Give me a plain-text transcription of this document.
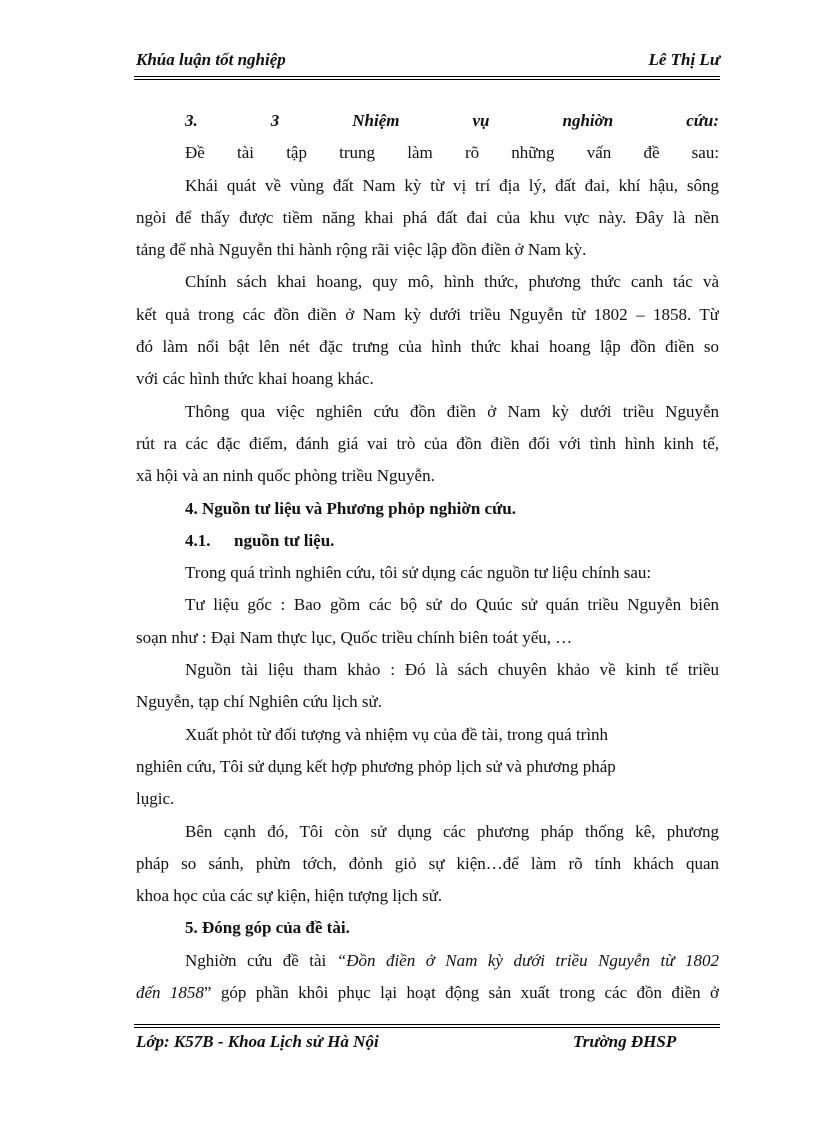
Khúa luận tốt nghiệp	Lê Thị Lư
3.	3	Nhiệm	vụ	nghiờn	cứu:
Đề tài tập trung làm rõ những vấn đề sau:
Khái quát về vùng đất Nam kỳ từ vị trí địa lý, đất đai, khí hậu, sông
ngòi để thấy được tiềm năng khai phá đất đai của khu vực này. Đây là nền
tảng để nhà Nguyễn thi hành rộng rãi việc lập đồn điền ở Nam kỳ.
Chính sách khai hoang, quy mô, hình thức, phương thức canh tác và
kết quả trong các đồn điền ở Nam kỳ dưới triều Nguyễn từ 1802 – 1858. Từ
đó làm nổi bật lên nét đặc trưng của hình thức khai hoang lập đồn điền so
với các hình thức khai hoang khác.
Thông qua việc nghiên cứu đồn điền ở Nam kỳ dưới triều Nguyễn
rút ra các đặc điểm, đánh giá vai trò của đồn điền đối với tình hình kinh tế,
xã hội và an ninh quốc phòng triều Nguyễn.
4. Nguồn tư liệu và Phương phỏp nghiờn cứu.
4.1. nguồn tư liệu.
Trong quá trình nghiên cứu, tôi sử dụng các nguồn tư liệu chính sau:
Tư liệu gốc : Bao gồm các bộ sử do Quúc sử quán triều Nguyễn biên
soạn như : Đại Nam thực lục, Quốc triều chính biên toát yếu, …
Nguồn tài liệu tham khảo : Đó là sách chuyên khảo về kinh tế triều
Nguyễn, tạp chí Nghiên cứu lịch sử.
Xuất phỏt từ đối tượng và nhiệm vụ của đề tài, trong quá trình
nghiên cứu, Tôi sử dụng kết hợp phương phỏp lịch sử và phương pháp
lụgic.
Bên cạnh đó, Tôi còn sử dụng các phương pháp thống kê, phương
pháp so sánh, phừn tớch, đỏnh giỏ sự kiện…để làm rõ tính khách quan
khoa học của các sự kiện, hiện tượng lịch sử.
5. Đóng góp của đề tài.
Nghiờn cứu đề tài “Đồn điền ở Nam kỳ dưới triều Nguyễn từ 1802
đến 1858” góp phần khôi phục lại hoạt động sản xuất trong các đồn điền ở
Lớp: K57B - Khoa Lịch sử Hà Nội	Trường ĐHSP
